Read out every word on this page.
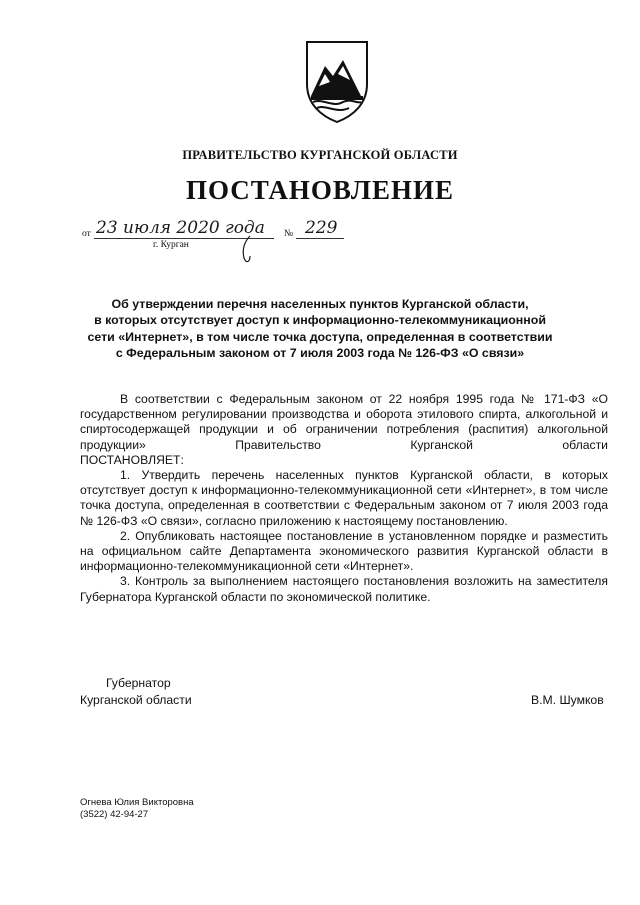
ПРАВИТЕЛЬСТВО КУРГАНСКОЙ ОБЛАСТИ
ПОСТАНОВЛЕНИЕ
от 23 июля 2020 года № 229
г. Курган
Об утверждении перечня населенных пунктов Курганской области,
в которых отсутствует доступ к информационно-телекоммуникационной
сети «Интернет», в том числе точка доступа, определенная в соответствии
с Федеральным законом от 7 июля 2003 года № 126-ФЗ «О связи»

В соответствии с Федеральным законом от 22 ноября 1995 года № 171-ФЗ «О государственном регулировании производства и оборота этилового спирта, алкогольной и спиртосодержащей продукции и об ограничении потребления (распития) алкогольной продукции» Правительство Курганской области

ПОСТАНОВЛЯЕТ:

1. Утвердить перечень населенных пунктов Курганской области, в которых отсутствует доступ к информационно-телекоммуникационной сети «Интернет», в том числе точка доступа, определенная в соответствии с Федеральным законом от 7 июля 2003 года № 126-ФЗ «О связи», согласно приложению к настоящему постановлению.

2. Опубликовать настоящее постановление в установленном порядке и разместить на официальном сайте Департамента экономического развития Курганской области в информационно-телекоммуникационной сети «Интернет».

3. Контроль за выполнением настоящего постановления возложить на заместителя Губернатора Курганской области по экономической политике.

Губернатор
Курганской области	В.М. Шумков
Огнева Юлия Викторовна
(3522) 42-94-27
